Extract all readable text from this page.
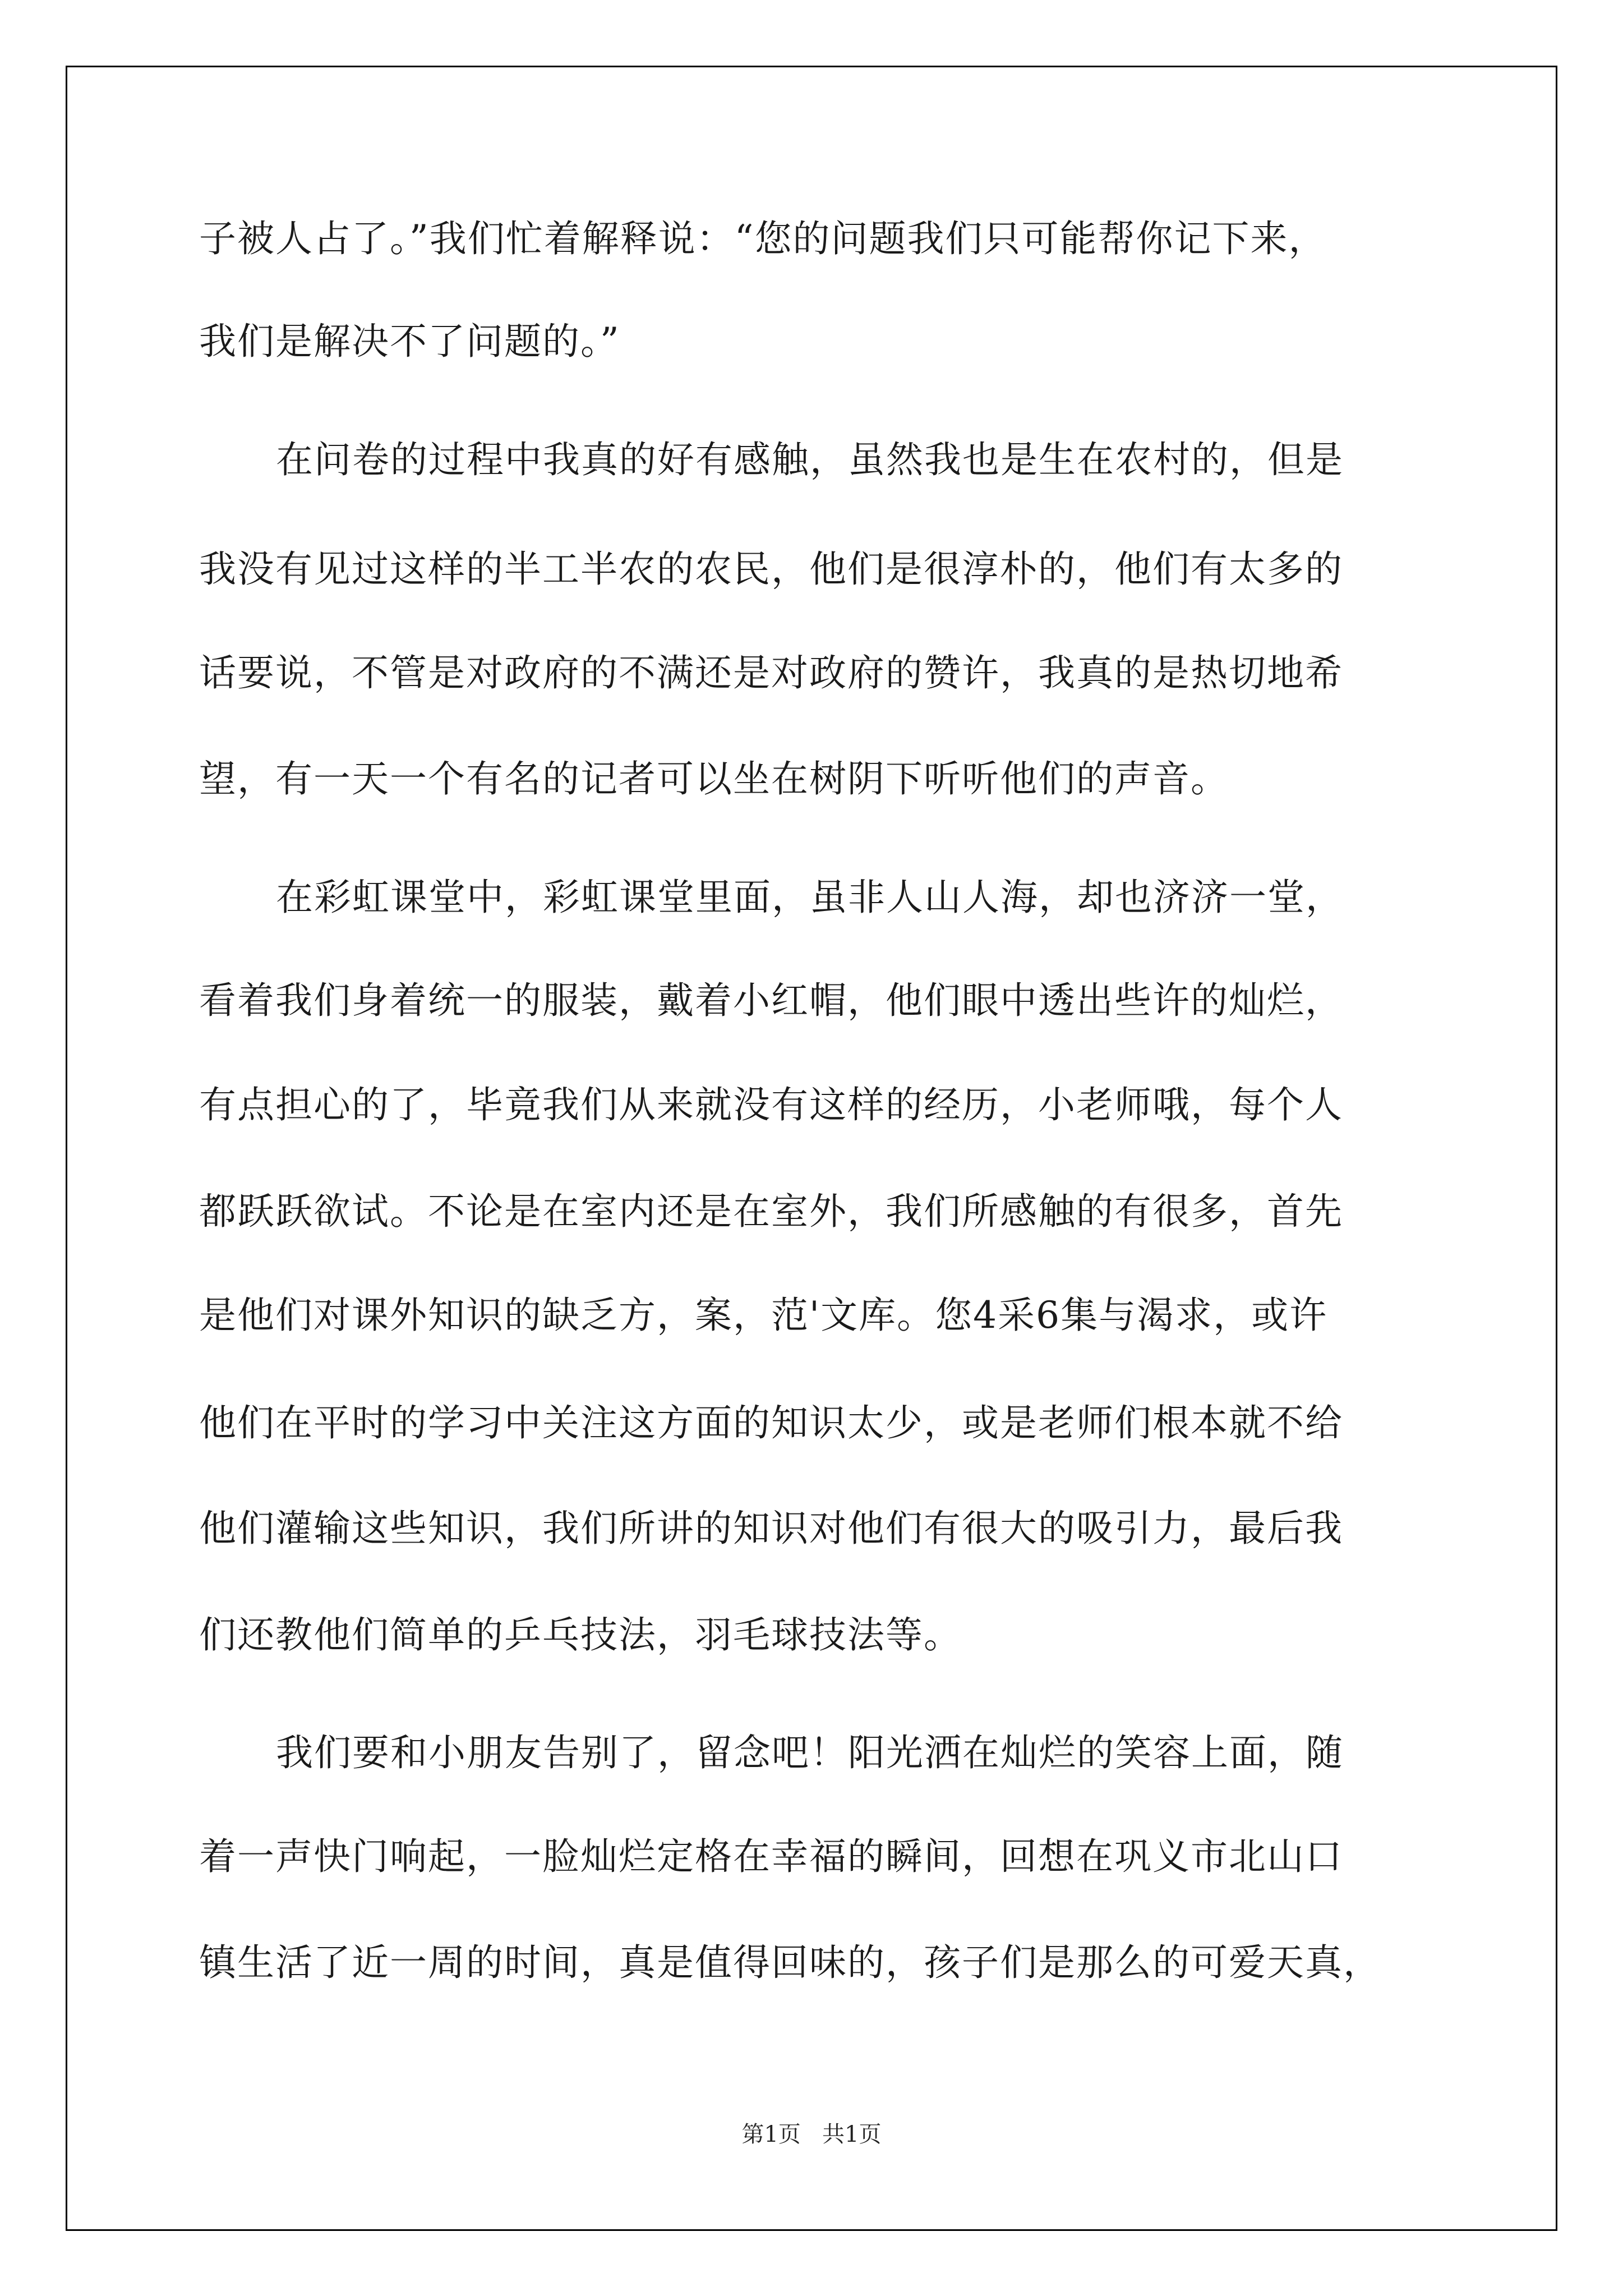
子被人占了。”我们忙着解释说：“您的问题我们只可能帮你记下来，
我们是解决不了问题的。”
在问卷的过程中我真的好有感触，虽然我也是生在农村的，但是
我没有见过这样的半工半农的农民，他们是很淳朴的，他们有太多的
话要说，不管是对政府的不满还是对政府的赞许，我真的是热切地希
望，有一天一个有名的记者可以坐在树阴下听听他们的声音。
在彩虹课堂中，彩虹课堂里面，虽非人山人海，却也济济一堂，
看着我们身着统一的服装，戴着小红帽，他们眼中透出些许的灿烂，
有点担心的了，毕竟我们从来就没有这样的经历，小老师哦，每个人
都跃跃欲试。不论是在室内还是在室外，我们所感触的有很多，首先
是他们对课外知识的缺乏方，案，范'文库。您4采6集与渴求，或许
他们在平时的学习中关注这方面的知识太少，或是老师们根本就不给
他们灌输这些知识，我们所讲的知识对他们有很大的吸引力，最后我
们还教他们简单的乒乓技法，羽毛球技法等。
我们要和小朋友告别了，留念吧！阳光洒在灿烂的笑容上面，随
着一声快门响起，一脸灿烂定格在幸福的瞬间，回想在巩义市北山口
镇生活了近一周的时间，真是值得回味的，孩子们是那么的可爱天真，
第1页   共1页
